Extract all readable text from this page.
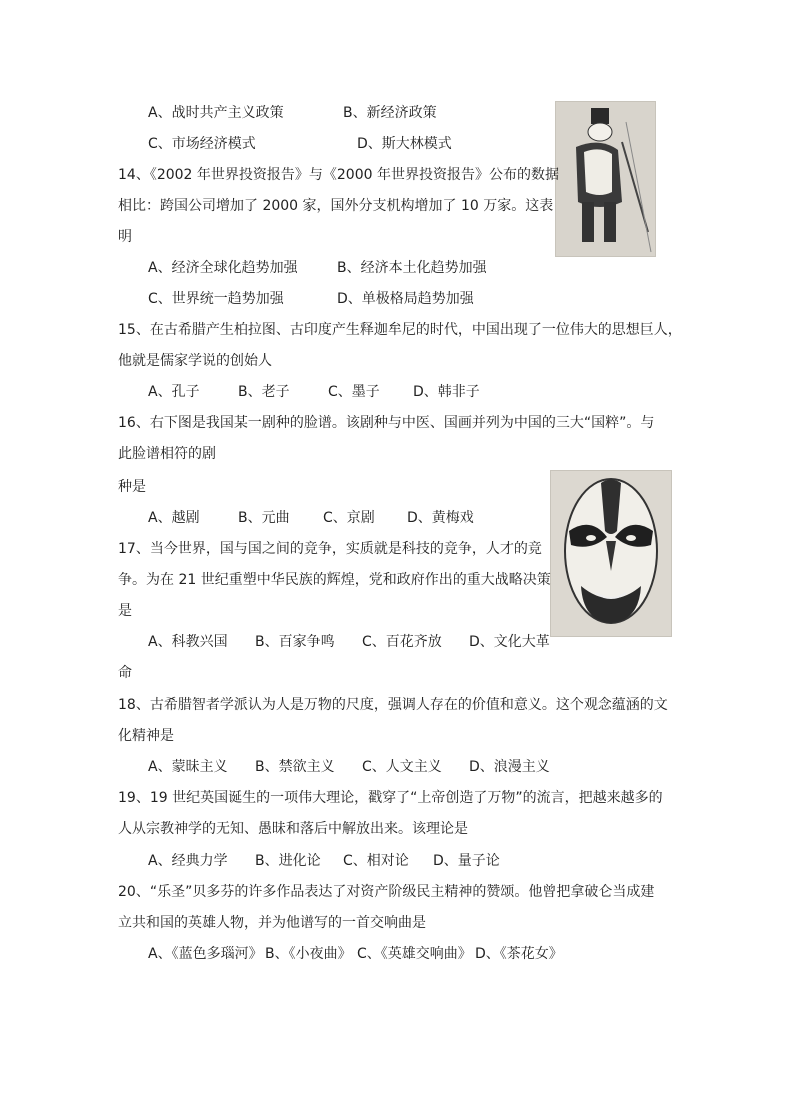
A、战时共产主义政策	B、新经济政策
C、市场经济模式	D、斯大林模式
14、《2002 年世界投资报告》与《2000 年世界投资报告》公布的数据
相比：跨国公司增加了 2000 家，国外分支机构增加了 10 万家。这表
明
A、经济全球化趋势加强	B、经济本土化趋势加强
C、世界统一趋势加强	D、单极格局趋势加强
15、在古希腊产生柏拉图、古印度产生释迦牟尼的时代，中国出现了一位伟大的思想巨人，
他就是儒家学说的创始人
A、孔子	B、老子	C、墨子 D、韩非子
16、右下图是我国某一剧种的脸谱。该剧种与中医、国画并列为中国的三大“国粹”。与
此脸谱相符的剧
种是
A、越剧	B、元曲 C、京剧 D、黄梅戏
17、当今世界，国与国之间的竞争，实质就是科技的竞争，人才的竞
争。为在 21 世纪重塑中华民族的辉煌，党和政府作出的重大战略决策
是
A、科教兴国 B、百家争鸣 C、百花齐放 D、文化大革
命
18、古希腊智者学派认为人是万物的尺度，强调人存在的价值和意义。这个观念蕴涵的文
化精神是
A、蒙昧主义 B、禁欲主义 C、人文主义 D、浪漫主义
19、19 世纪英国诞生的一项伟大理论，戳穿了“上帝创造了万物”的流言，把越来越多的
人从宗教神学的无知、愚昧和落后中解放出来。该理论是
A、经典力学 B、进化论 C、相对论 D、量子论
20、“乐圣”贝多芬的许多作品表达了对资产阶级民主精神的赞颂。他曾把拿破仑当成建
立共和国的英雄人物，并为他谱写的一首交响曲是
A、《蓝色多瑙河》 B、《小夜曲》 C、《英雄交响曲》 D、《茶花女》
